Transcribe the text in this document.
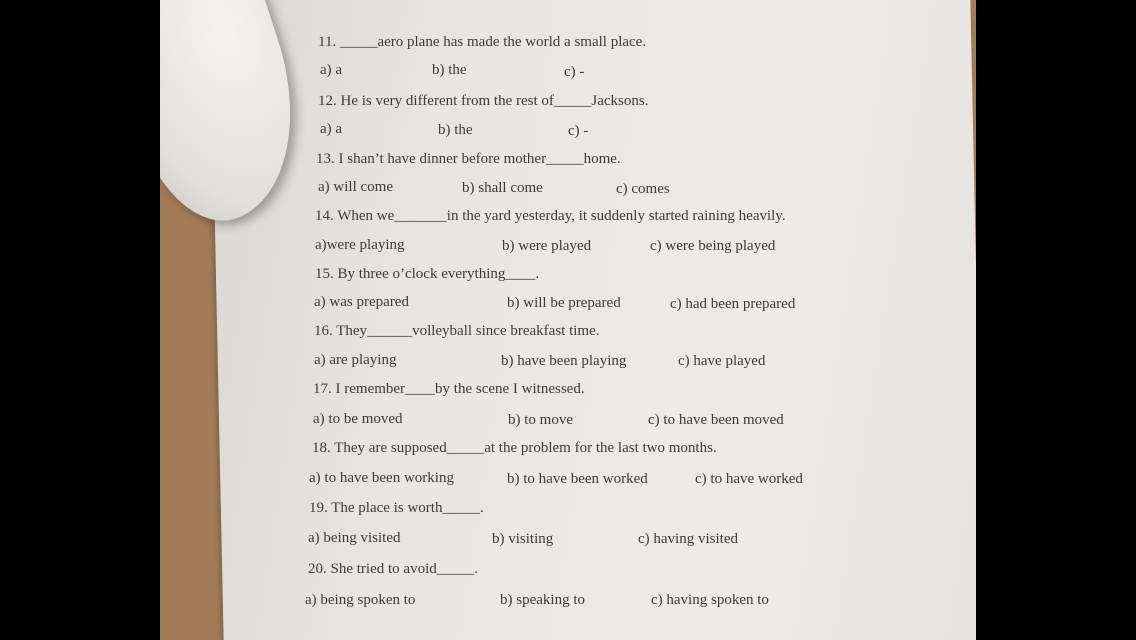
11. _____aero plane has made the world a small place.
a) a	b) the	c) -
12. He is very different from the rest of_____Jacksons.
a) a	b) the	c) -
13. I shan’t have dinner before mother_____home.
a) will come	b) shall come	c) comes
14. When we_______in the yard yesterday, it suddenly started raining heavily.
a)were playing	b) were played	c) were being played
15. By three o’clock everything____.
a) was prepared	b) will be prepared	c) had been prepared
16. They______volleyball since breakfast time.
a) are playing	b) have been playing	c) have played
17. I remember____by the scene I witnessed.
a) to be moved	b) to move	c) to have been moved
18. They are supposed_____at the problem for the last two months.
a) to have been working	b) to have been worked	c) to have worked
19. The place is worth_____.
a) being visited	b) visiting	c) having visited
20. She tried to avoid_____.
a) being spoken to	b) speaking to	c) having spoken to
